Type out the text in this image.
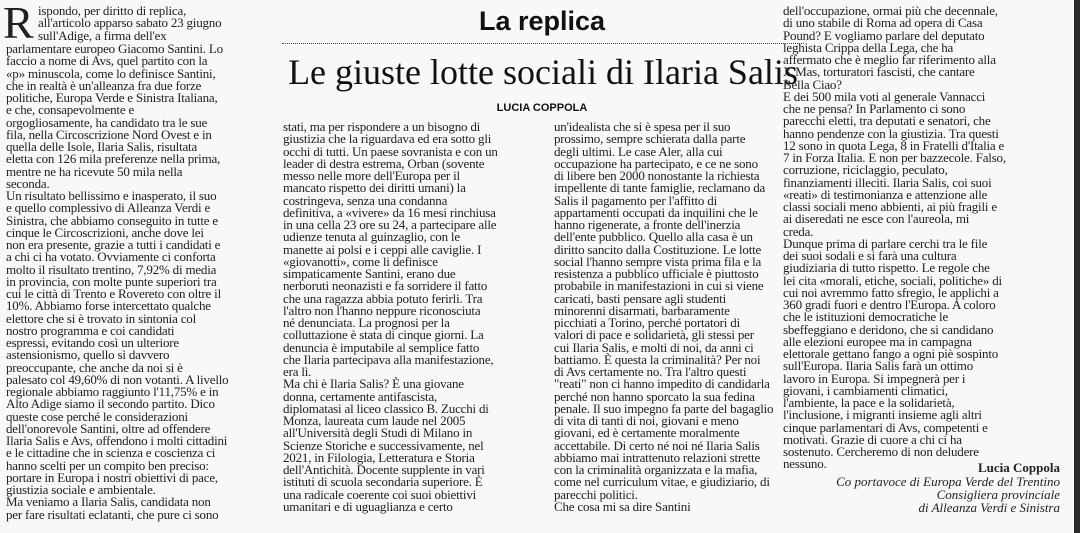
R	La replica
Le giuste lotte sociali di Ilaria Salis
LUCIA COPPOLA
ispondo, per diritto di replica,
all'articolo apparso sabato 23 giugno
sull'Adige, a firma dell'ex
parlamentare europeo Giacomo Santini. Lo
faccio a nome di Avs, quel partito con la
«p» minuscola, come lo definisce Santini,
che in realtà è un'alleanza fra due forze
politiche, Europa Verde e Sinistra Italiana,
e che, consapevolmente e
orgogliosamente, ha candidato tra le sue
fila, nella Circoscrizione Nord Ovest e in
quella delle Isole, Ilaria Salis, risultata
eletta con 126 mila preferenze nella prima,
mentre ne ha ricevute 50 mila nella
seconda.
Un risultato bellissimo e inasperato, il suo
e quello complessivo di Alleanza Verdi e
Sinistra, che abbiamo conseguito in tutte e
cinque le Circoscrizioni, anche dove lei
non era presente, grazie a tutti i candidati e
a chi ci ha votato. Ovviamente ci conforta
molto il risultato trentino, 7,92% di media
in provincia, con molte punte superiori tra
cui le città di Trento e Rovereto con oltre il
10%. Abbiamo forse intercettato qualche
elettore che si è trovato in sintonia col
nostro programma e coi candidati
espressi, evitando così un ulteriore
astensionismo, quello sì davvero
preoccupante, che anche da noi si è
palesato col 49,60% di non votanti. A livello
regionale abbiamo raggiunto l'11,75% e in
Alto Adige siamo il secondo partito. Dico
queste cose perché le considerazioni
dell'onorevole Santini, oltre ad offendere
Ilaria Salis e Avs, offendono i molti cittadini
e le cittadine che in scienza e coscienza ci
hanno scelti per un compito ben preciso:
portare in Europa i nostri obiettivi di pace,
giustizia sociale e ambientale.
Ma veniamo a Ilaria Salis, candidata non
per fare risultati eclatanti, che pure ci sono
stati, ma per rispondere a un bisogno di
giustizia che la riguardava ed era sotto gli
occhi di tutti. Un paese sovranista e con un
leader di destra estrema, Orban (sovente
messo nelle more dell'Europa per il
mancato rispetto dei diritti umani) la
costringeva, senza una condanna
definitiva, a «vivere» da 16 mesi rinchiusa
in una cella 23 ore su 24, a partecipare alle
udienze tenuta al guinzaglio, con le
manette ai polsi e i ceppi alle caviglie. I
«giovanotti», come li definisce
simpaticamente Santini, erano due
nerboruti neonazisti e fa sorridere il fatto
che una ragazza abbia potuto ferirli. Tra
l'altro non l'hanno neppure riconosciuta
né denunciata. La prognosi per la
colluttazione è stata di cinque giorni. La
denuncia è imputabile al semplice fatto
che Ilaria partecipava alla manifestazione,
era lì.
Ma chi è Ilaria Salis? È una giovane
donna, certamente antifascista,
diplomatasi al liceo classico B. Zucchi di
Monza, laureata cum laude nel 2005
all'Università degli Studi di Milano in
Scienze Storiche e successivamente, nel
2021, in Filologia, Letteratura e Storia
dell'Antichità. Docente supplente in vari
istituti di scuola secondaria superiore. È
una radicale coerente coi suoi obiettivi
umanitari e di uguaglianza e certo
un'idealista che si è spesa per il suo
prossimo, sempre schierata dalla parte
degli ultimi. Le case Aler, alla cui
occupazione ha partecipato, e ce ne sono
di libere ben 2000 nonostante la richiesta
impellente di tante famiglie, reclamano da
Salis il pagamento per l'affitto di
appartamenti occupati da inquilini che le
hanno rigenerate, a fronte dell'inerzia
dell'ente pubblico. Quello alla casa è un
diritto sancito dalla Costituzione. Le lotte
social l'hanno sempre vista prima fila e la
resistenza a pubblico ufficiale è piuttosto
probabile in manifestazioni in cui si viene
caricati, basti pensare agli studenti
minorenni disarmati, barbaramente
picchiati a Torino, perché portatori di
valori di pace e solidarietà, gli stessi per
cui Ilaria Salis, e molti di noi, da anni ci
battiamo. È questa la criminalità? Per noi
di Avs certamente no. Tra l'altro questi
"reati" non ci hanno impedito di candidarla
perché non hanno sporcato la sua fedina
penale. Il suo impegno fa parte del bagaglio
di vita di tanti di noi, giovani e meno
giovani, ed è certamente moralmente
accettabile. Di certo né noi né Ilaria Salis
abbiamo mai intrattenuto relazioni strette
con la criminalità organizzata e la mafia,
come nel curriculum vitae, e giudiziario, di
parecchi politici.
Che cosa mi sa dire Santini
dell'occupazione, ormai più che decennale,
di uno stabile di Roma ad opera di Casa
Pound? E vogliamo parlare del deputato
leghista Crippa della Lega, che ha
affermato che è meglio far riferimento alla
X Mas, torturatori fascisti, che cantare
Bella Ciao?
E dei 500 mila voti al generale Vannacci
che ne pensa? In Parlamento ci sono
parecchi eletti, tra deputati e senatori, che
hanno pendenze con la giustizia. Tra questi
12 sono in quota Lega, 8 in Fratelli d'Italia e
7 in Forza Italia. E non per bazzecole. Falso,
corruzione, riciclaggio, peculato,
finanziamenti illeciti. Ilaria Salis, coi suoi
«reati» di testimonianza e attenzione alle
classi sociali meno abbienti, ai più fragili e
ai diseredati ne esce con l'aureola, mi
creda.
Dunque prima di parlare cerchi tra le file
dei suoi sodali e si farà una cultura
giudiziaria di tutto rispetto. Le regole che
lei cita «morali, etiche, sociali, politiche» di
cui noi avremmo fatto sfregio, le applichi a
360 gradi fuori e dentro l'Europa. A coloro
che le istituzioni democratiche le
sbeffeggiano e deridono, che si candidano
alle elezioni europee ma in campagna
elettorale gettano fango a ogni piè sospinto
sull'Europa. Ilaria Salis farà un ottimo
lavoro in Europa. Si impegnerà per i
giovani, i cambiamenti climatici,
l'ambiente, la pace e la solidarietà,
l'inclusione, i migranti insieme agli altri
cinque parlamentari di Avs, competenti e
motivati. Grazie di cuore a chi ci ha
sostenuto. Cercheremo di non deludere
nessuno.	Lucia Coppola
Co portavoce di Europa Verde del Trentino
Consigliera provinciale
di Alleanza Verdi e Sinistra
